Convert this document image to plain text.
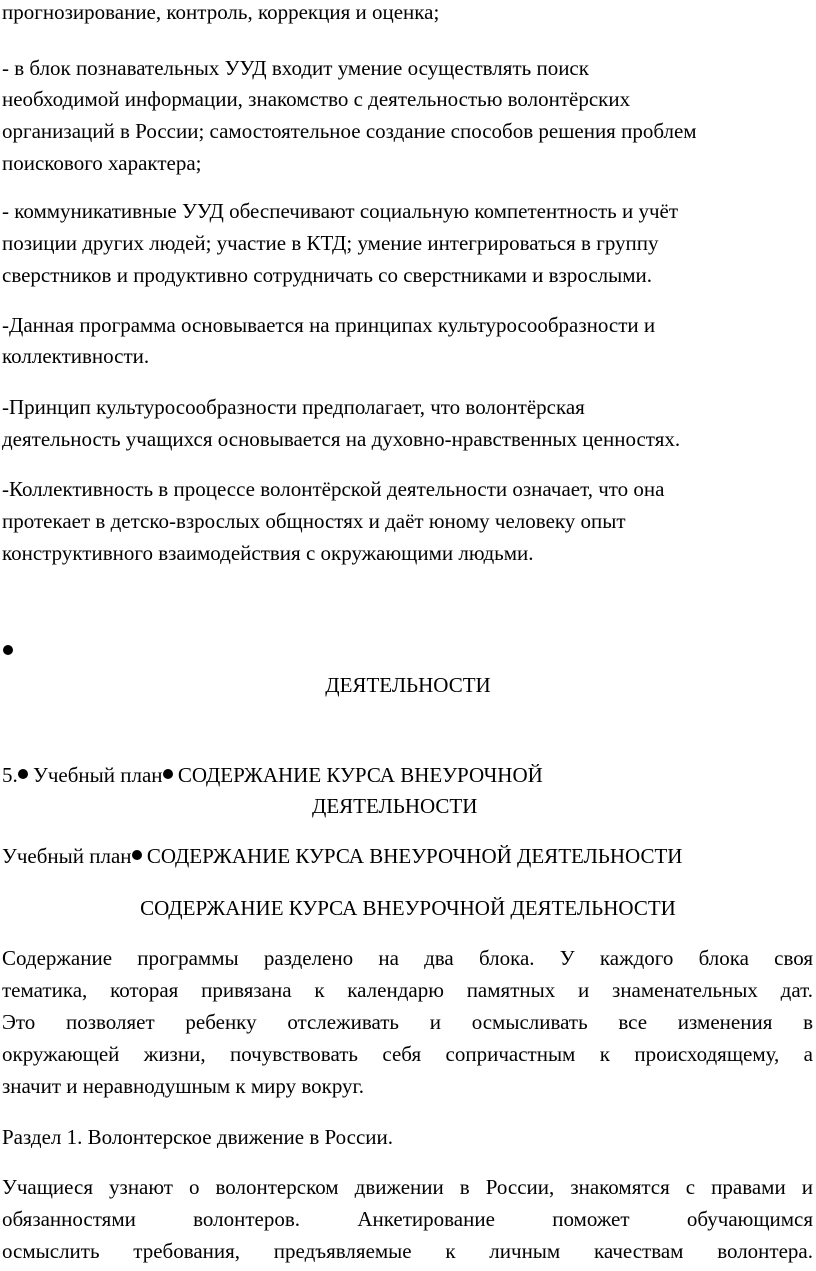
прогнозирование, контроль, коррекция и оценка;
- в блок познавательных УУД входит умение осуществлять поиск
необходимой информации, знакомство с деятельностью волонтёрских
организаций в России; самостоятельное создание способов решения проблем
поискового характера;
- коммуникативные УУД обеспечивают социальную компетентность и учёт
позиции других людей; участие в КТД; умение интегрироваться в группу
сверстников и продуктивно сотрудничать со сверстниками и взрослыми.
-Данная программа основывается на принципах культуросообразности и
коллективности.
-Принцип культуросообразности предполагает, что волонтёрская
деятельность учащихся основывается на духовно-нравственных ценностях.
-Коллективность в процессе волонтёрской деятельности означает, что она
протекает в детско-взрослых общностях и даёт юному человеку опыт
конструктивного взаимодействия с окружающими людьми.
ДЕЯТЕЛЬНОСТИ
5. Учебный план СОДЕРЖАНИЕ КУРСА ВНЕУРОЧНОЙ
ДЕЯТЕЛЬНОСТИ
Учебный план СОДЕРЖАНИЕ КУРСА ВНЕУРОЧНОЙ ДЕЯТЕЛЬНОСТИ
СОДЕРЖАНИЕ КУРСА ВНЕУРОЧНОЙ ДЕЯТЕЛЬНОСТИ
Содержание программы разделено на два блока. У каждого блока своя
тематика, которая привязана к календарю памятных и знаменательных дат.
Это позволяет ребенку отслеживать и осмысливать все изменения в
окружающей жизни, почувствовать себя сопричастным к происходящему, а
значит и неравнодушным к миру вокруг.
Раздел 1. Волонтерское движение в России.
Учащиеся узнают о волонтерском движении в России, знакомятся с правами и
обязанностями волонтеров. Анкетирование поможет обучающимся
осмыслить требования, предъявляемые к личным качествам волонтера.
